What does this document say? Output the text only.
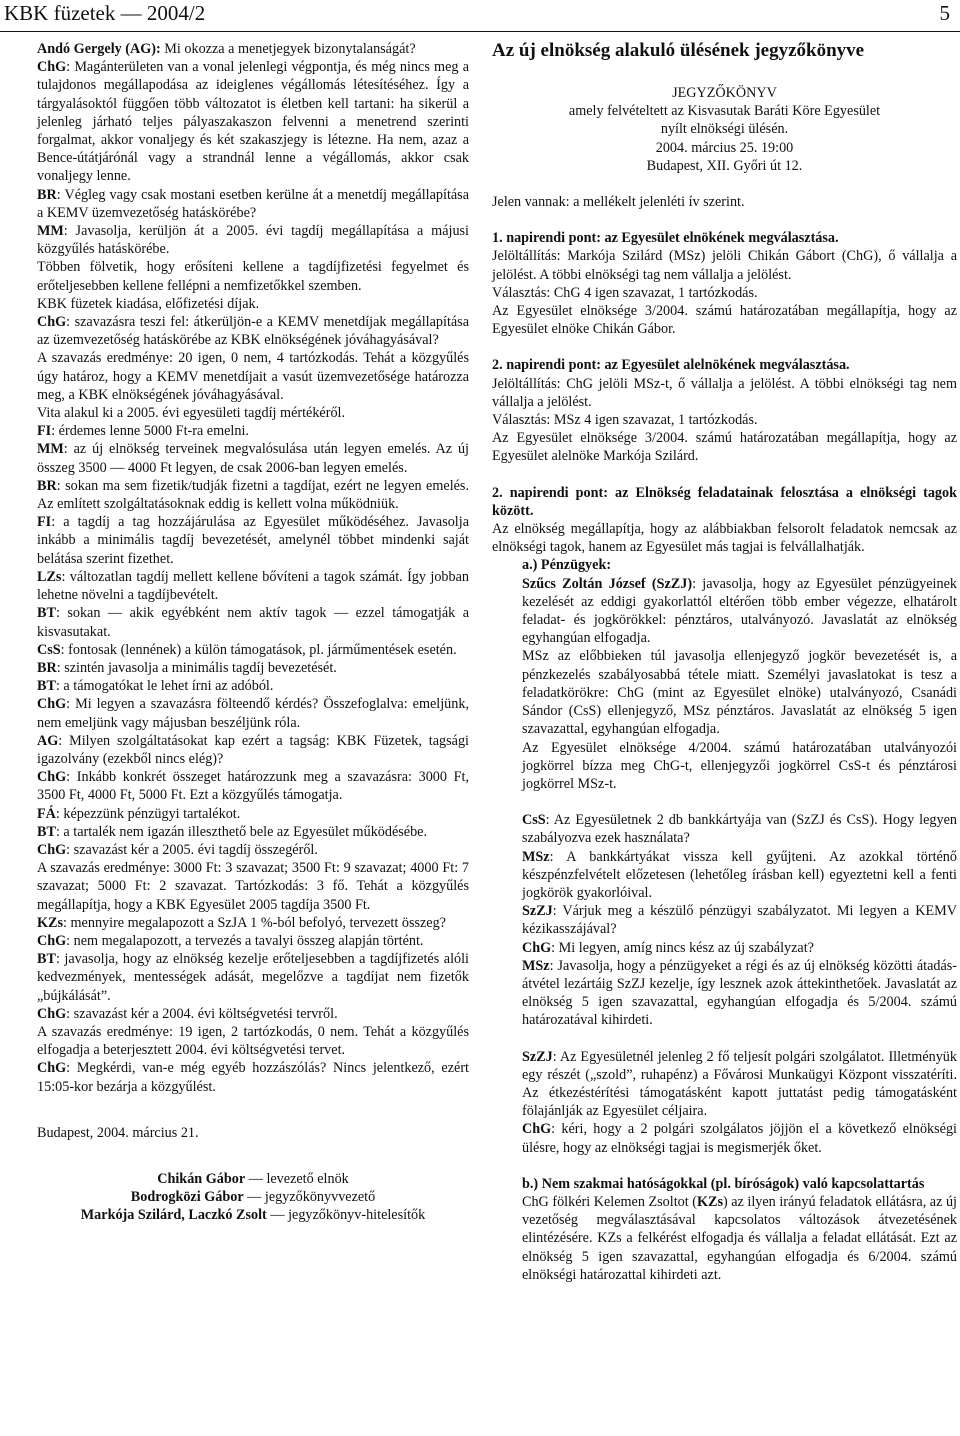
KBK füzetek — 2004/2	5

Andó Gergely (AG): Mi okozza a menetjegyek bizonytalanságát?

ChG: Magánterületen van a vonal jelenlegi végpontja, és még nincs meg a tulajdonos megállapodása az ideiglenes végállomás létesítéséhez. Így a tárgyalásoktól függően több változatot is életben kell tartani: ha sikerül a jelenleg járható teljes pályaszakaszon felvenni a menetrend szerinti forgalmat, akkor vonaljegy és két szakaszjegy is létezne. Ha nem, azaz a Bence-útátjárónál vagy a strandnál lenne a végállomás, akkor csak vonaljegy lenne.

BR: Végleg vagy csak mostani esetben kerülne át a menetdíj megállapítása a KEMV üzemvezetőség hatáskörébe?

MM: Javasolja, kerüljön át a 2005. évi tagdíj megállapítása a májusi közgyűlés hatáskörébe.

Többen fölvetik, hogy erősíteni kellene a tagdíjfizetési fegyelmet és erőteljesebben kellene fellépni a nemfizetőkkel szemben.

KBK füzetek kiadása, előfizetési díjak.

ChG: szavazásra teszi fel: átkerüljön-e a KEMV menetdíjak megállapítása az üzemvezetőség hatáskörébe az KBK elnökségének jóváhagyásával?

A szavazás eredménye: 20 igen, 0 nem, 4 tartózkodás. Tehát a közgyűlés úgy határoz, hogy a KEMV menetdíjait a vasút üzemvezetősége határozza meg, a KBK elnökségének jóváhagyásával.

Vita alakul ki a 2005. évi egyesületi tagdíj mértékéről.

FI: érdemes lenne 5000 Ft-ra emelni.

MM: az új elnökség terveinek megvalósulása után legyen emelés. Az új összeg 3500 — 4000 Ft legyen, de csak 2006-ban legyen emelés.

BR: sokan ma sem fizetik/tudják fizetni a tagdíjat, ezért ne legyen emelés. Az említett szolgáltatásoknak eddig is kellett volna működniük.

FI: a tagdíj a tag hozzájárulása az Egyesület működéséhez. Javasolja inkább a minimális tagdíj bevezetését, amelynél többet mindenki saját belátása szerint fizethet.

LZs: változatlan tagdíj mellett kellene bővíteni a tagok számát. Így jobban lehetne növelni a tagdíjbevételt.

BT: sokan — akik egyébként nem aktív tagok — ezzel támogatják a kisvasutakat.

CsS: fontosak (lennének) a külön támogatások, pl. járműmentések esetén.

BR: szintén javasolja a minimális tagdíj bevezetését.

BT: a támogatókat le lehet írni az adóból.

ChG: Mi legyen a szavazásra fölteendő kérdés? Összefoglalva: emeljünk, nem emeljünk vagy májusban beszéljünk róla.

AG: Milyen szolgáltatásokat kap ezért a tagság: KBK Füzetek, tagsági igazolvány (ezekből nincs elég)?

ChG: Inkább konkrét összeget határozzunk meg a szavazásra: 3000 Ft, 3500 Ft, 4000 Ft, 5000 Ft. Ezt a közgyűlés támogatja.

FÁ: képezzünk pénzügyi tartalékot.

BT: a tartalék nem igazán illeszthető bele az Egyesület működésébe.

ChG: szavazást kér a 2005. évi tagdíj összegéről.

A szavazás eredménye: 3000 Ft: 3 szavazat; 3500 Ft: 9 szavazat; 4000 Ft: 7 szavazat; 5000 Ft: 2 szavazat. Tartózkodás: 3 fő. Tehát a közgyűlés megállapítja, hogy a KBK Egyesület 2005 tagdíja 3500 Ft.

KZs: mennyire megalapozott a SzJA 1 %-ból befolyó, tervezett összeg?

ChG: nem megalapozott, a tervezés a tavalyi összeg alapján történt.

BT: javasolja, hogy az elnökség kezelje erőteljesebben a tagdíjfizetés alóli kedvezmények, mentességek adását, megelőzve a tagdíjat nem fizetők „bújkálását”.

ChG: szavazást kér a 2004. évi költségvetési tervről.

A szavazás eredménye: 19 igen, 2 tartózkodás, 0 nem. Tehát a közgyűlés elfogadja a beterjesztett 2004. évi költségvetési tervet.

ChG: Megkérdi, van-e még egyéb hozzászólás? Nincs jelentkező, ezért 15:05-kor bezárja a közgyűlést.

Budapest, 2004. március 21.

Chikán Gábor — levezető elnök

Bodrogközi Gábor — jegyzőkönyvvezető

Markója Szilárd, Laczkó Zsolt — jegyzőkönyv-hitelesítők

Az új elnökség alakuló ülésének jegyzőkönyve

JEGYZŐKÖNYV

amely felvételtett az Kisvasutak Baráti Köre Egyesület

nyílt elnökségi ülésén.

2004. március 25. 19:00

Budapest, XII. Győri út 12.

Jelen vannak: a mellékelt jelenléti ív szerint.

1. napirendi pont: az Egyesület elnökének megválasztása.

Jelöltállítás: Markója Szilárd (MSz) jelöli Chikán Gábort (ChG), ő vállalja a jelölést. A többi elnökségi tag nem vállalja a jelölést.

Választás: ChG 4 igen szavazat, 1 tartózkodás.

Az Egyesület elnöksége 3/2004. számú határozatában megállapítja, hogy az Egyesület elnöke Chikán Gábor.

2. napirendi pont: az Egyesület alelnökének megválasztása.

Jelöltállítás: ChG jelöli MSz-t, ő vállalja a jelölést. A többi elnökségi tag nem vállalja a jelölést.

Választás: MSz 4 igen szavazat, 1 tartózkodás.

Az Egyesület elnöksége 3/2004. számú határozatában megállapítja, hogy az Egyesület alelnöke Markója Szilárd.

2. napirendi pont: az Elnökség feladatainak felosztása a elnökségi tagok között.

Az elnökség megállapítja, hogy az alábbiakban felsorolt feladatok nemcsak az elnökségi tagok, hanem az Egyesület más tagjai is felvállalhatják.

a.) Pénzügyek:

Szűcs Zoltán József (SzZJ): javasolja, hogy az Egyesület pénzügyeinek kezelését az eddigi gyakorlattól eltérően több ember végezze, elhatárolt feladat- és jogkörökkel: pénztáros, utalványozó. Javaslatát az elnökség egyhangúan elfogadja.

MSz az előbbieken túl javasolja ellenjegyző jogkör bevezetését is, a pénzkezelés szabályosabbá tétele miatt. Személyi javaslatokat is tesz a feladatkörökre: ChG (mint az Egyesület elnöke) utalványozó, Csanádi Sándor (CsS) ellenjegyző, MSz pénztáros. Javaslatát az elnökség 5 igen szavazattal, egyhangúan elfogadja.

Az Egyesület elnöksége 4/2004. számú határozatában utalványozói jogkörrel bízza meg ChG-t, ellenjegyzői jogkörrel CsS-t és pénztárosi jogkörrel MSz-t.

CsS: Az Egyesületnek 2 db bankkártyája van (SzZJ és CsS). Hogy legyen szabályozva ezek használata?

MSz: A bankkártyákat vissza kell gyűjteni. Az azokkal történő készpénzfelvételt előzetesen (lehetőleg írásban kell) egyeztetni kell a fenti jogkörök gyakorlóival.

SzZJ: Várjuk meg a készülő pénzügyi szabályzatot. Mi legyen a KEMV kézikasszájával?

ChG: Mi legyen, amíg nincs kész az új szabályzat?

MSz: Javasolja, hogy a pénzügyeket a régi és az új elnökség közötti átadás-átvétel lezártáig SzZJ kezelje, így lesznek azok áttekinthetőek. Javaslatát az elnökség 5 igen szavazattal, egyhangúan elfogadja és 5/2004. számú határozatával kihirdeti.

SzZJ: Az Egyesületnél jelenleg 2 fő teljesít polgári szolgálatot. Illetményük egy részét („szold”, ruhapénz) a Fővárosi Munkaügyi Központ visszatéríti. Az étkezéstérítési támogatásként kapott juttatást pedig támogatásként fölajánlják az Egyesület céljaira.

ChG: kéri, hogy a 2 polgári szolgálatos jöjjön el a következő elnökségi ülésre, hogy az elnökségi tagjai is megismerjék őket.

b.) Nem szakmai hatóságokkal (pl. bíróságok) való kapcsolattartás

ChG fölkéri Kelemen Zsoltot (KZs) az ilyen irányú feladatok ellátásra, az új vezetőség megválasztásával kapcsolatos változások átvezetésének elintézésére. KZs a felkérést elfogadja és vállalja a feladat ellátását. Ezt az elnökség 5 igen szavazattal, egyhangúan elfogadja és 6/2004. számú elnökségi határozattal kihirdeti azt.
